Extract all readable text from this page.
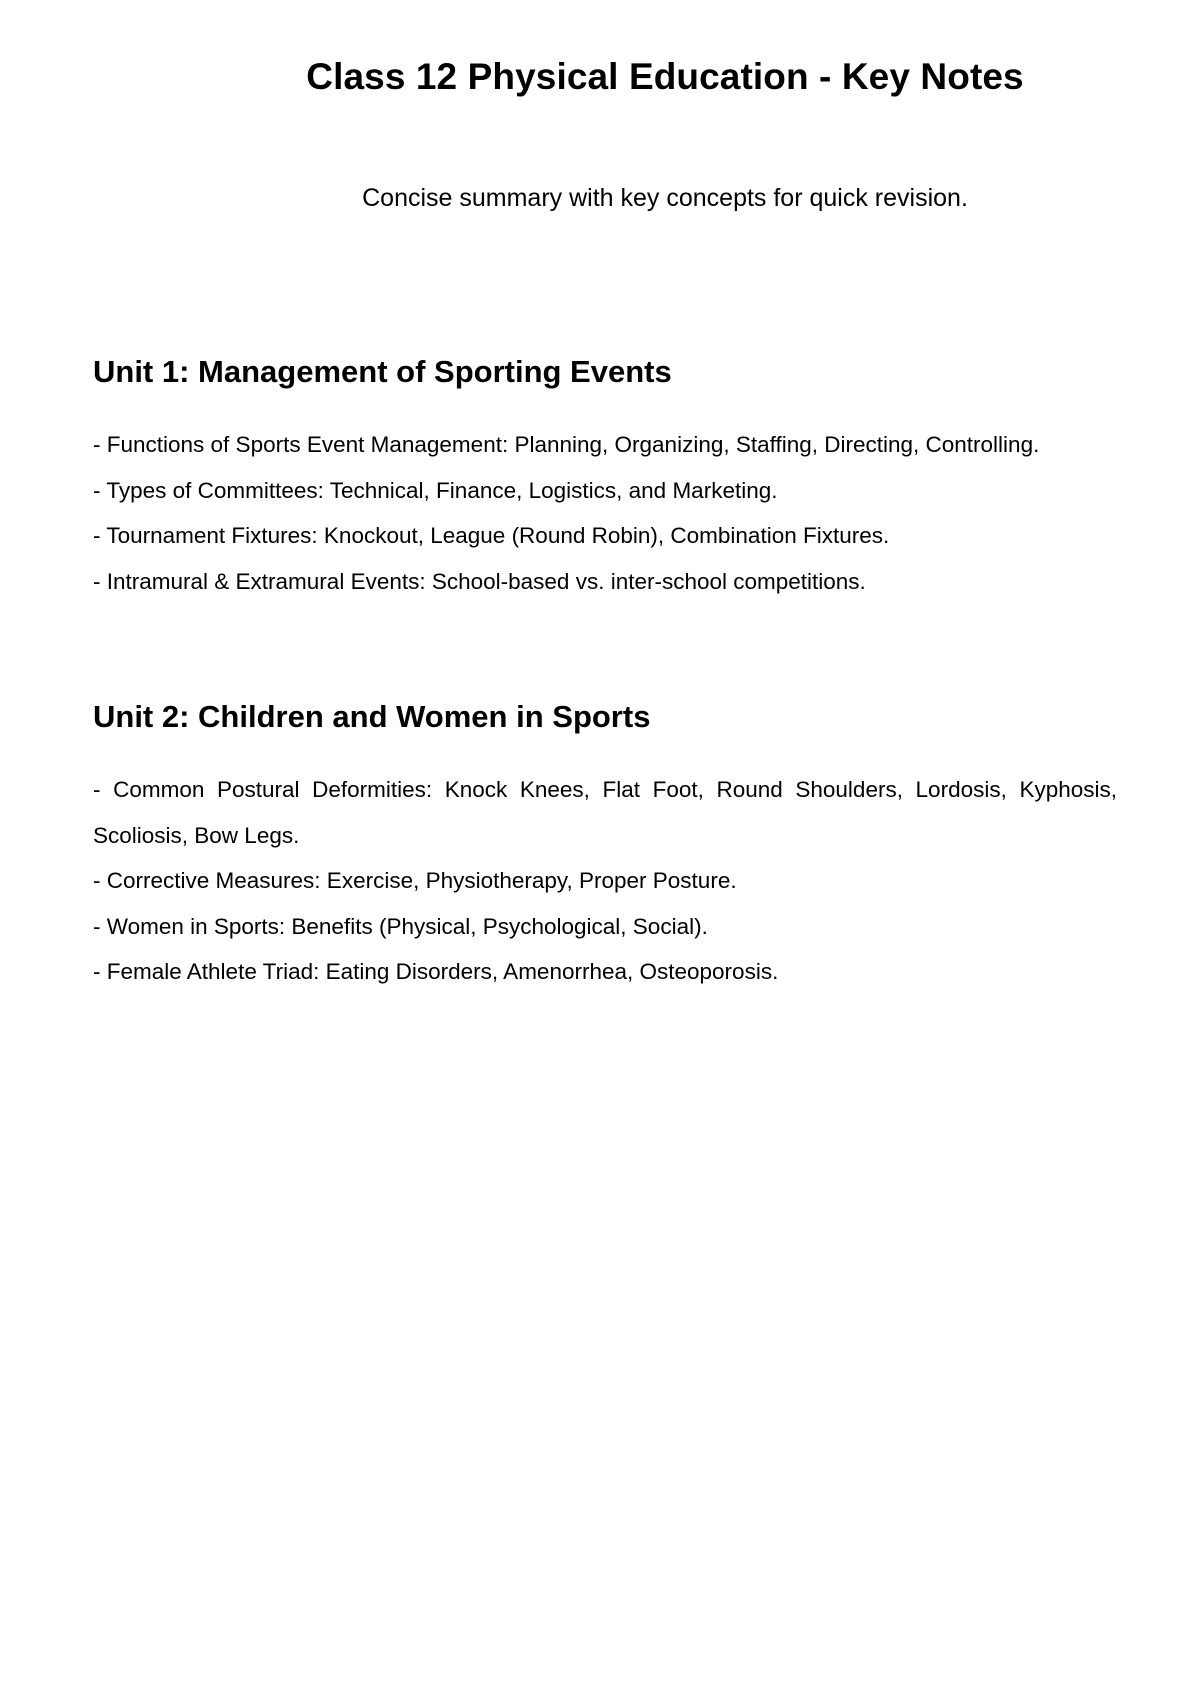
Class 12 Physical Education - Key Notes

Concise summary with key concepts for quick revision.

Unit 1: Management of Sporting Events
- Functions of Sports Event Management: Planning, Organizing, Staffing, Directing, Controlling.
- Types of Committees: Technical, Finance, Logistics, and Marketing.
- Tournament Fixtures: Knockout, League (Round Robin), Combination Fixtures.
- Intramural & Extramural Events: School-based vs. inter-school competitions.
Unit 2: Children and Women in Sports
- Common Postural Deformities: Knock Knees, Flat Foot, Round Shoulders, Lordosis, Kyphosis, Scoliosis, Bow Legs.
- Corrective Measures: Exercise, Physiotherapy, Proper Posture.
- Women in Sports: Benefits (Physical, Psychological, Social).
- Female Athlete Triad: Eating Disorders, Amenorrhea, Osteoporosis.
